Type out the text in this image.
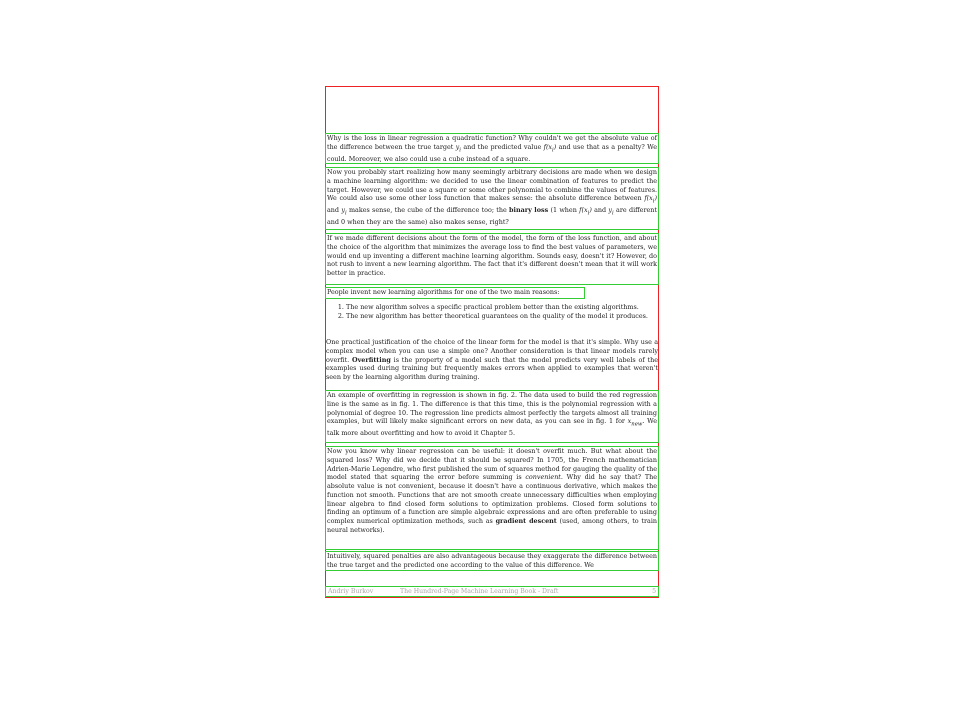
Why is the loss in linear regression a quadratic function? Why couldn't we get the absolute value of the difference between the true target $y_i$ and the predicted value $f(x_i)$ and use that as a penalty? We could. Moreover, we also could use a cube instead of a square.
Now you probably start realizing how many seemingly arbitrary decisions are made when we design a machine learning algorithm: we decided to use the linear combination of features to predict the target. However, we could use a square or some other polynomial to combine the values of features. We could also use some other loss function that makes sense: the absolute difference between $f(x_i)$ and $y_i$ makes sense, the cube of the difference too; the binary loss (1 when $f(x_i)$ and $y_i$ are different and 0 when they are the same) also makes sense, right?
If we made different decisions about the form of the model, the form of the loss function, and about the choice of the algorithm that minimizes the average loss to find the best values of parameters, we would end up inventing a different machine learning algorithm. Sounds easy, doesn't it? However, do not rush to invent a new learning algorithm. The fact that it's different doesn't mean that it will work better in practice.
People invent new learning algorithms for one of the two main reasons:
1. The new algorithm solves a specific practical problem better than the existing algorithms.
2. The new algorithm has better theoretical guarantees on the quality of the model it produces.
One practical justification of the choice of the linear form for the model is that it's simple. Why use a complex model when you can use a simple one? Another consideration is that linear models rarely overfit. Overfitting is the property of a model such that the model predicts very well labels of the examples used during training but frequently makes errors when applied to examples that weren't seen by the learning algorithm during training.
An example of overfitting in regression is shown in fig. 2. The data used to build the red regression line is the same as in fig. 1. The difference is that this time, this is the polynomial regression with a polynomial of degree 10. The regression line predicts almost perfectly the targets almost all training examples, but will likely make significant errors on new data, as you can see in fig. 1 for $x_{new}$. We talk more about overfitting and how to avoid it Chapter 5.
Now you know why linear regression can be useful: it doesn't overfit much. But what about the squared loss? Why did we decide that it should be squared? In 1705, the French mathematician Adrien-Marie Legendre, who first published the sum of squares method for gauging the quality of the model stated that squaring the error before summing is convenient. Why did he say that? The absolute value is not convenient, because it doesn't have a continuous derivative, which makes the function not smooth. Functions that are not smooth create unnecessary difficulties when employing linear algebra to find closed form solutions to optimization problems. Closed form solutions to finding an optimum of a function are simple algebraic expressions and are often preferable to using complex numerical optimization methods, such as gradient descent (used, among others, to train neural networks).
Intuitively, squared penalties are also advantageous because they exaggerate the difference between the true target and the predicted one according to the value of this difference. We
Andriy Burkov	The Hundred-Page Machine Learning Book - Draft	5
